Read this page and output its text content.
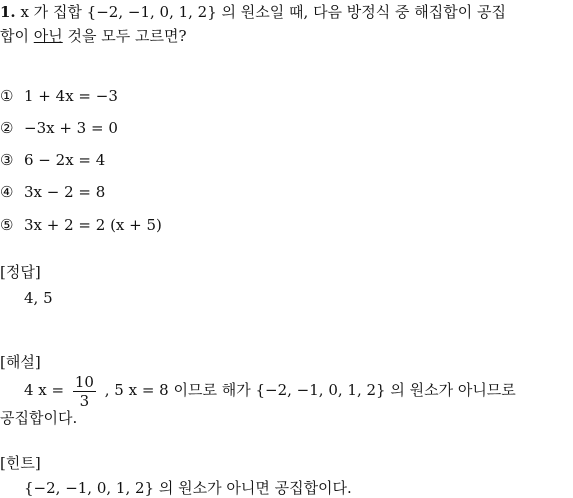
1. x 가 집합 {−2, −1, 0, 1, 2} 의 원소일 때, 다음 방정식 중 해집합이 공집
합이 아닌 것을 모두 고르면?
① 1 + 4x = −3
② −3x + 3 = 0
③ 6 − 2x = 4
④ 3x − 2 = 8
⑤ 3x + 2 = 2 (x + 5)
[정답]
4, 5
[해설]
4 $x = \frac{10}{3}$ , 5 x = 8 이므로 해가 {−2, −1, 0, 1, 2} 의 원소가 아니므로
공집합이다.
[힌트]
{−2, −1, 0, 1, 2} 의 원소가 아니면 공집합이다.
